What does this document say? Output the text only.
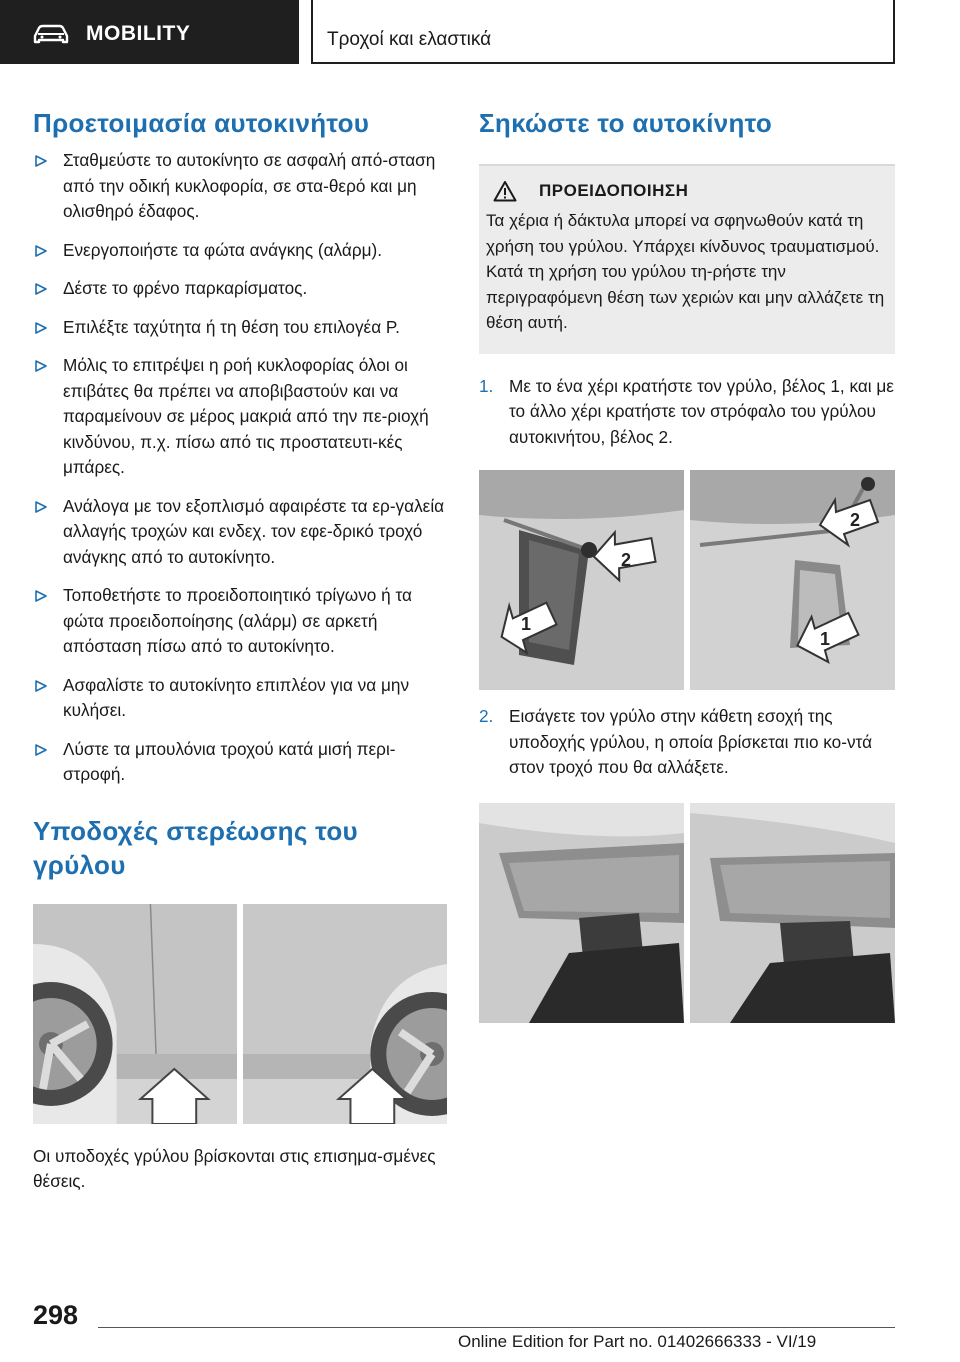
MOBILITY	Τροχοί και ελαστικά
Προετοιμασία αυτοκινήτου
Σταθμεύστε το αυτοκίνητο σε ασφαλή από-σταση από την οδική κυκλοφορία, σε στα-θερό και μη ολισθηρό έδαφος.
Ενεργοποιήστε τα φώτα ανάγκης (αλάρμ).
Δέστε το φρένο παρκαρίσματος.
Επιλέξτε ταχύτητα ή τη θέση του επιλογέα P.
Μόλις το επιτρέψει η ροή κυκλοφορίας όλοι οι επιβάτες θα πρέπει να αποβιβαστούν και να παραμείνουν σε μέρος μακριά από την πε-ριοχή κινδύνου, π.χ. πίσω από τις προστατευτι-κές μπάρες.
Ανάλογα με τον εξοπλισμό αφαιρέστε τα ερ-γαλεία αλλαγής τροχών και ενδεχ. τον εφε-δρικό τροχό ανάγκης από το αυτοκίνητο.
Τοποθετήστε το προειδοποιητικό τρίγωνο ή τα φώτα προειδοποίησης (αλάρμ) σε αρκετή απόσταση πίσω από το αυτοκίνητο.
Ασφαλίστε το αυτοκίνητο επιπλέον για να μην κυλήσει.
Λύστε τα μπουλόνια τροχού κατά μισή περι-στροφή.
Υποδοχές στερέωσης του γρύλου

Οι υποδοχές γρύλου βρίσκονται στις επισημα-σμένες θέσεις.

Σηκώστε το αυτοκίνητο
ΠΡΟΕΙΔΟΠΟΙΗΣΗ

Τα χέρια ή δάκτυλα μπορεί να σφηνωθούν κατά τη χρήση του γρύλου. Υπάρχει κίνδυνος τραυματισμού. Κατά τη χρήση του γρύλου τη-ρήστε την περιγραφόμενη θέση των χεριών και μην αλλάζετε τη θέση αυτή.

1. Με το ένα χέρι κρατήστε τον γρύλο, βέλος 1, και με το άλλο χέρι κρατήστε τον στρόφαλο του γρύλου αυτοκινήτου, βέλος 2.
1
2
2
1
2. Εισάγετε τον γρύλο στην κάθετη εσοχή της υποδοχής γρύλου, η οποία βρίσκεται πιο κο-ντά στον τροχό που θα αλλάξετε.
298
Online Edition for Part no. 01402666333 - VI/19
